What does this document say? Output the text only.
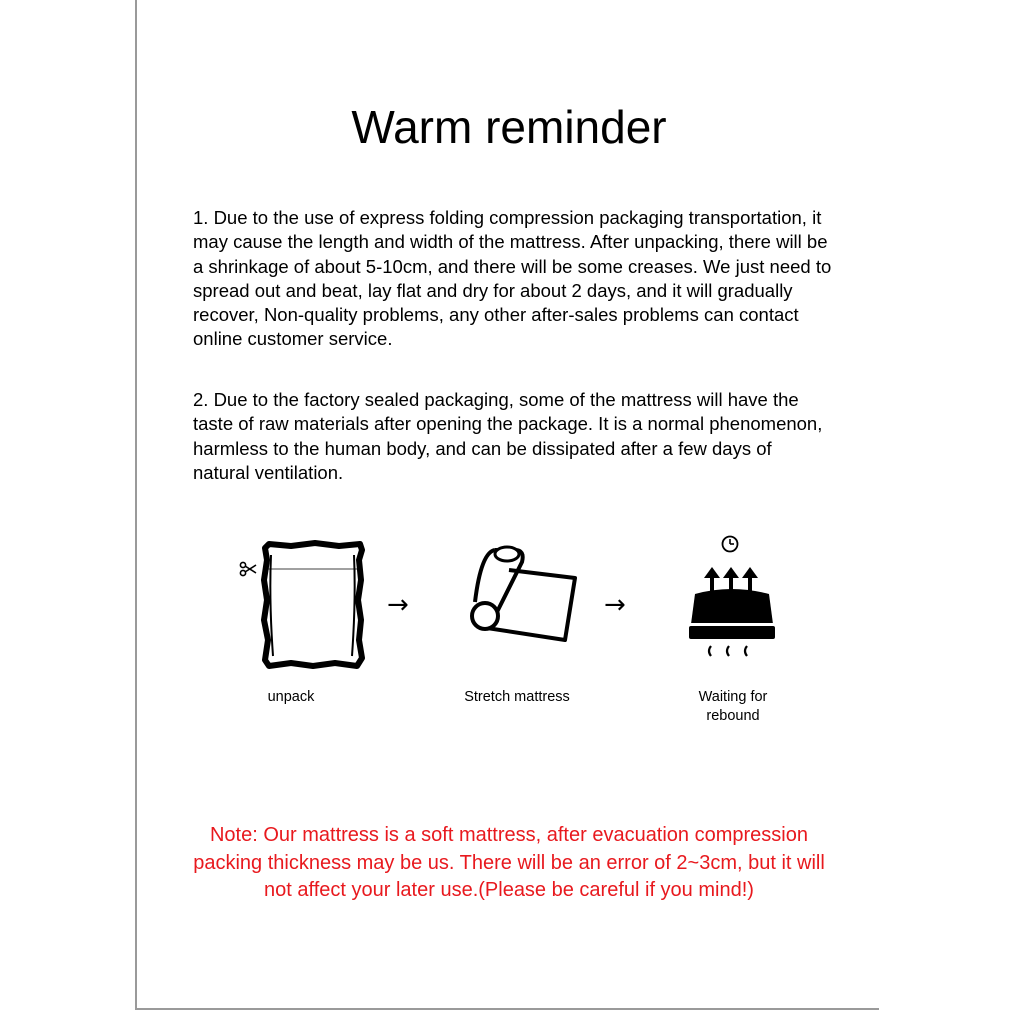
Warm reminder
1. Due to the use of express folding compression packaging transportation, it may cause the length and width of the mattress. After unpacking, there will be a shrinkage of about 5-10cm, and there will be some creases. We just need to spread out and beat, lay flat and dry for about 2 days, and it will gradually recover, Non-quality problems, any other after-sales problems can contact online customer service.
2. Due to the factory sealed packaging, some of the mattress will have the taste of raw materials after opening the package. It is a normal phenomenon, harmless to the human body, and can be dissipated after a few days of natural ventilation.
→	→
unpack	Stretch mattress	Waiting for rebound
Note: Our mattress is a soft mattress, after evacuation compression packing thickness may be us. There will be an error of 2~3cm, but it will not affect your later use.(Please be careful if you mind!)
